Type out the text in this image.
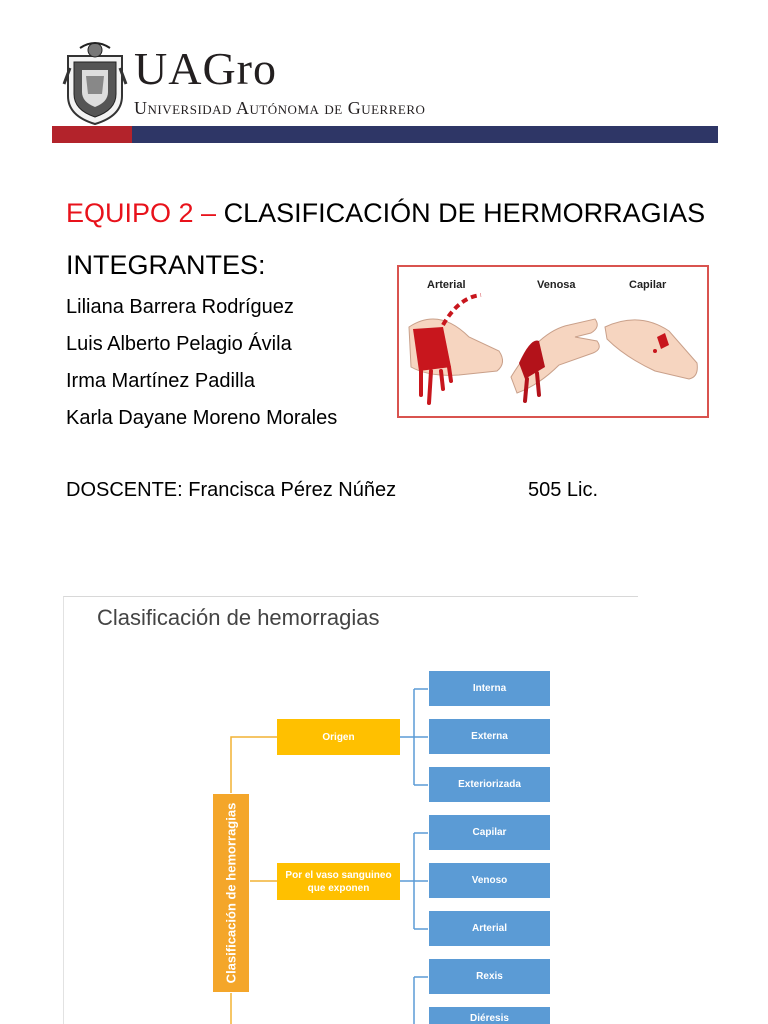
UAGro
Universidad Autónoma de Guerrero
EQUIPO 2 – CLASIFICACIÓN DE HERMORRAGIAS
INTEGRANTES:
Liliana Barrera Rodríguez
Luis Alberto Pelagio Ávila
Irma Martínez Padilla
Karla Dayane Moreno Morales
DOSCENTE: Francisca Pérez Núñez	505 Lic.
Arterial	Venosa	Capilar
Clasificación de hemorragias
Clasificación de hemorragias
Origen
Por el vaso sanguineo que exponen
Interna
Externa
Exteriorizada
Capilar
Venoso
Arterial
Rexis
Diéresis
